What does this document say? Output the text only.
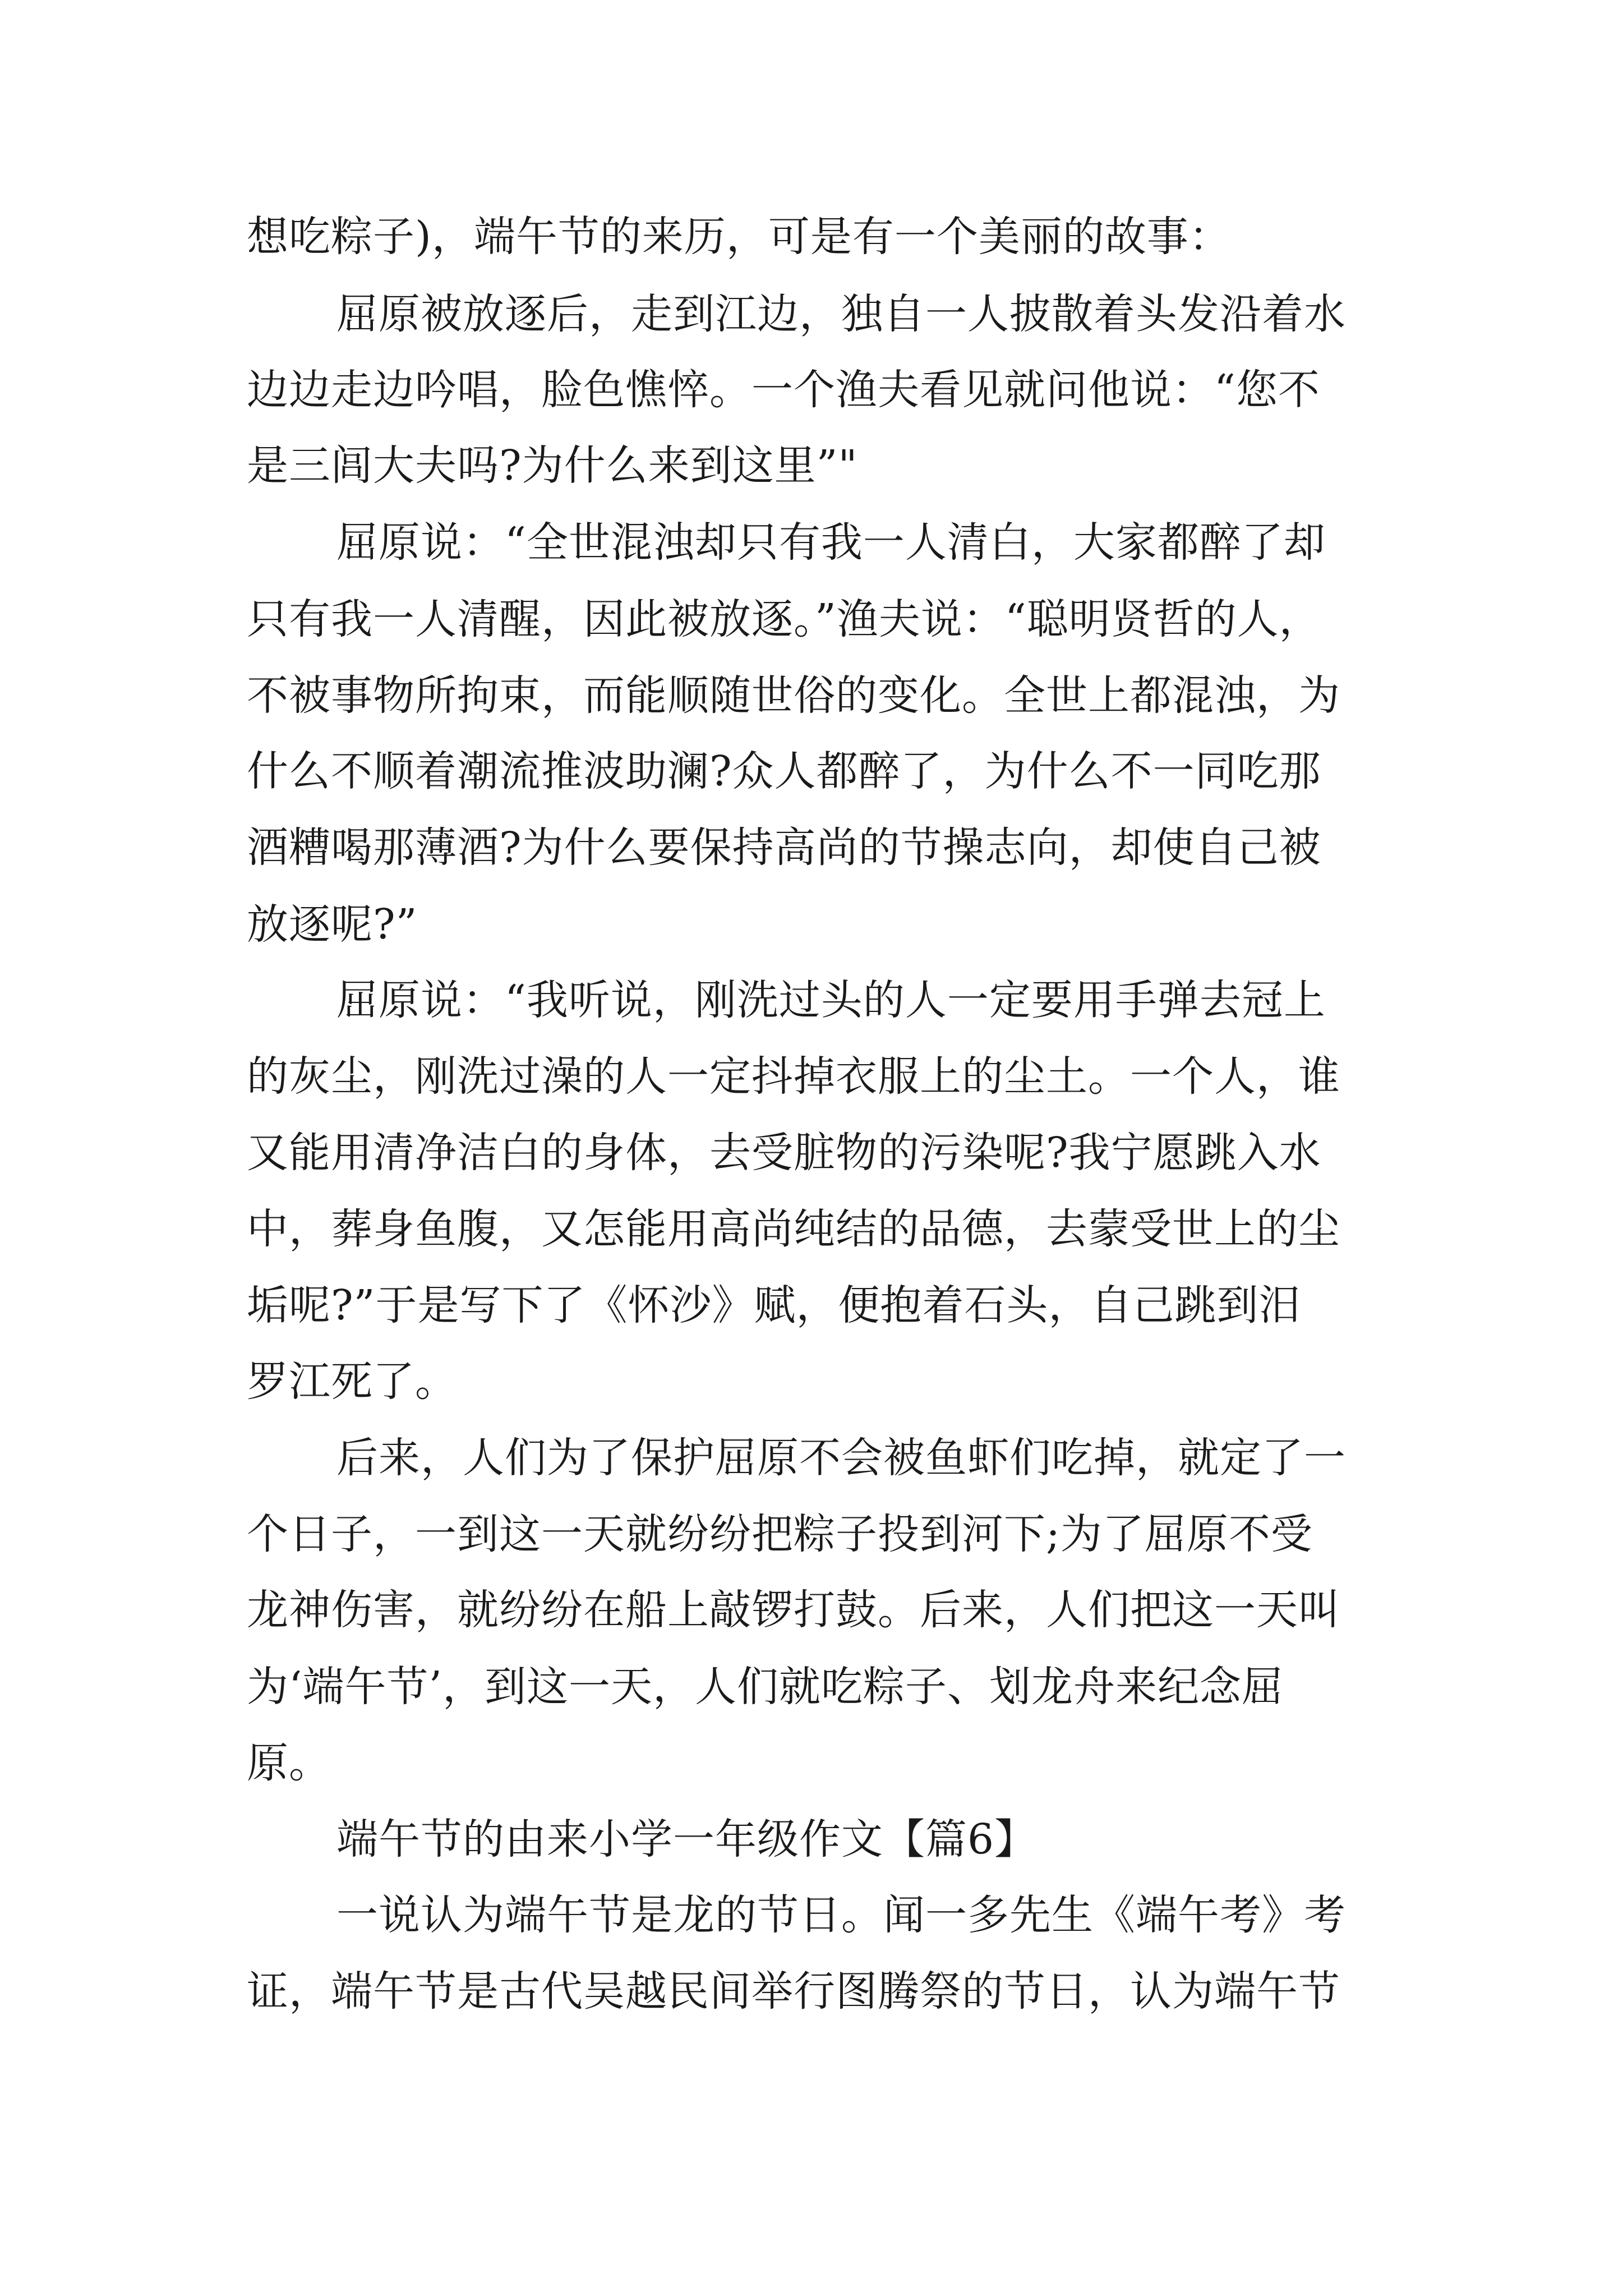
想吃粽子)，端午节的来历，可是有一个美丽的故事：

屈原被放逐后，走到江边，独自一人披散着头发沿着水

边边走边吟唱，脸色憔悴。一个渔夫看见就问他说：“您不

是三闾大夫吗?为什么来到这里”"

屈原说：“全世混浊却只有我一人清白，大家都醉了却

只有我一人清醒，因此被放逐。”渔夫说：“聪明贤哲的人，

不被事物所拘束，而能顺随世俗的变化。全世上都混浊，为

什么不顺着潮流推波助澜?众人都醉了，为什么不一同吃那

酒糟喝那薄酒?为什么要保持高尚的节操志向，却使自己被

放逐呢?”

屈原说：“我听说，刚洗过头的人一定要用手弹去冠上

的灰尘，刚洗过澡的人一定抖掉衣服上的尘土。一个人，谁

又能用清净洁白的身体，去受脏物的污染呢?我宁愿跳入水

中，葬身鱼腹，又怎能用高尚纯结的品德，去蒙受世上的尘

垢呢?”于是写下了《怀沙》赋，便抱着石头，自己跳到汨

罗江死了。

后来，人们为了保护屈原不会被鱼虾们吃掉，就定了一

个日子，一到这一天就纷纷把粽子投到河下;为了屈原不受

龙神伤害，就纷纷在船上敲锣打鼓。后来，人们把这一天叫

为‘端午节’，到这一天，人们就吃粽子、划龙舟来纪念屈

原。

端午节的由来小学一年级作文【篇6】

一说认为端午节是龙的节日。闻一多先生《端午考》考

证，端午节是古代吴越民间举行图腾祭的节日，认为端午节
